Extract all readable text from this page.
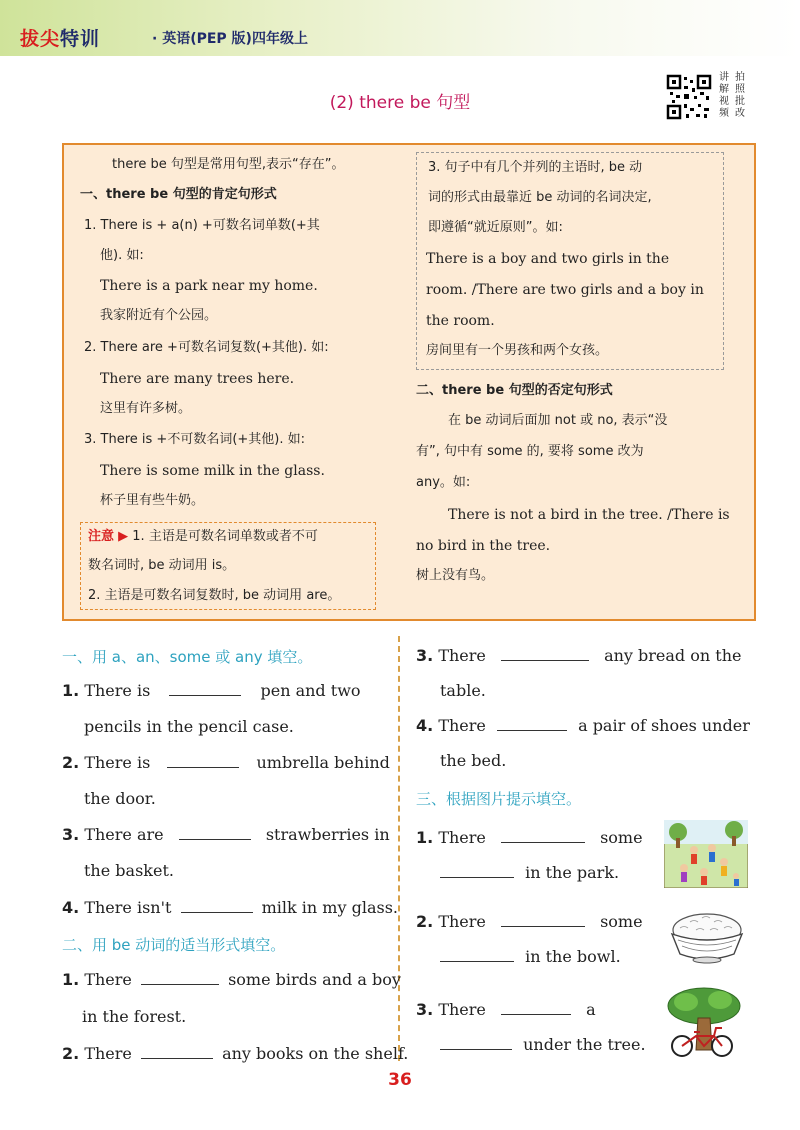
拔尖特训	· 英语(PEP 版)四年级上
(2) there be 句型
讲 拍
解 照
视 批
频 改
there be 句型是常用句型,表示“存在”。
一、there be 句型的肯定句形式
1. There is + a(n) +可数名词单数(+其
他). 如:
There is a park near my home.
我家附近有个公园。
2. There are +可数名词复数(+其他). 如:
There are many trees here.
这里有许多树。
3. There is +不可数名词(+其他). 如:
There is some milk in the glass.
杯子里有些牛奶。
注意 ▶ 1. 主语是可数名词单数或者不可
数名词时, be 动词用 is。
2. 主语是可数名词复数时, be 动词用 are。
3. 句子中有几个并列的主语时, be 动
词的形式由最靠近 be 动词的名词决定,
即遵循“就近原则”。如:
There is a boy and two girls in the
room. /There are two girls and a boy in
the room.
房间里有一个男孩和两个女孩。
二、there be 句型的否定句形式
在 be 动词后面加 not 或 no, 表示“没
有”, 句中有 some 的, 要将 some 改为
any。如:
There is not a bird in the tree. /There is
no bird in the tree.
树上没有鸟。
一、用 a、an、some 或 any 填空。
1. There is	pen and two
pencils in the pencil case.
2. There is	umbrella behind
the door.
3. There are	strawberries in
the basket.
4. There isn't	milk in my glass.
二、用 be 动词的适当形式填空。
1. There	some birds and a boy
in the forest.
2. There	any books on the shelf.
3. There	any bread on the
table.
4. There	a pair of shoes under
the bed.
三、根据图片提示填空。
1. There	some
in the park.
2. There	some
in the bowl.
3. There	a
under the tree.
36
